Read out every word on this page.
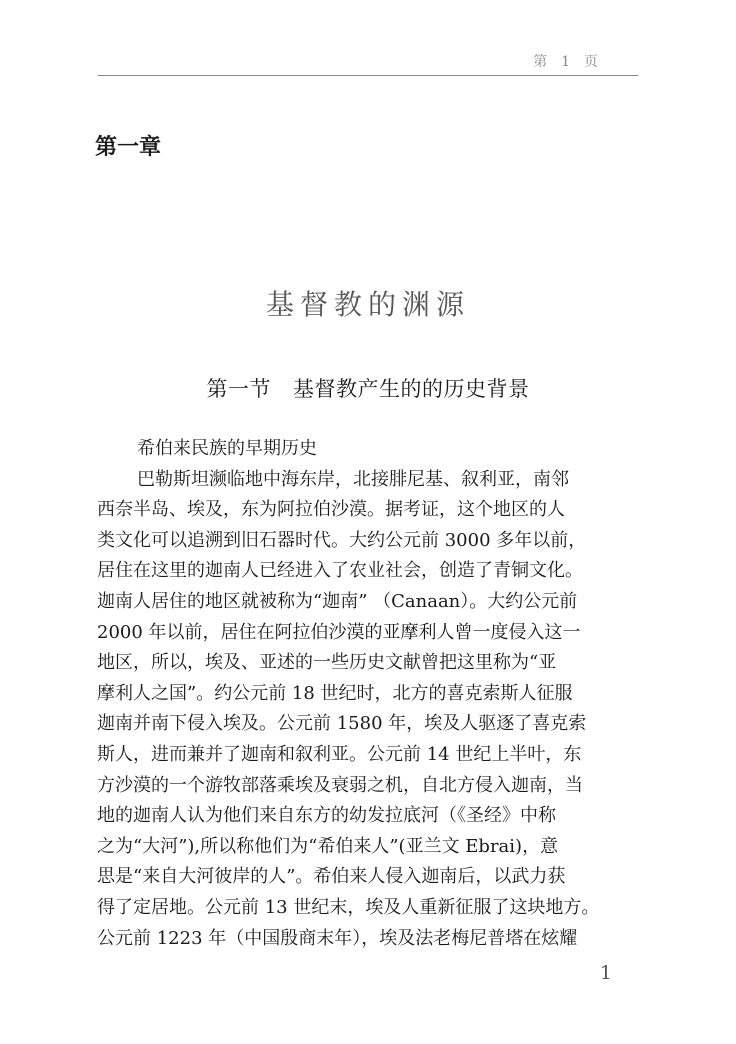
第 1 页
第一章
基督教的渊源
第一节 基督教产生的的历史背景
希伯来民族的早期历史
巴勒斯坦濒临地中海东岸，北接腓尼基、叙利亚，南邻
西奈半岛、埃及，东为阿拉伯沙漠。据考证，这个地区的人
类文化可以追溯到旧石器时代。大约公元前 3000 多年以前，
居住在这里的迦南人已经进入了农业社会，创造了青铜文化。
迦南人居住的地区就被称为“迦南” （Canaan）。大约公元前
2000 年以前，居住在阿拉伯沙漠的亚摩利人曾一度侵入这一
地区，所以，埃及、亚述的一些历史文献曾把这里称为“亚
摩利人之国”。约公元前 18 世纪时，北方的喜克索斯人征服
迦南并南下侵入埃及。公元前 1580 年，埃及人驱逐了喜克索
斯人，进而兼并了迦南和叙利亚。公元前 14 世纪上半叶，东
方沙漠的一个游牧部落乘埃及衰弱之机，自北方侵入迦南，当
地的迦南人认为他们来自东方的幼发拉底河（《圣经》中称
之为“大河”),所以称他们为“希伯来人”(亚兰文 Ebrai)，意
思是“来自大河彼岸的人”。希伯来人侵入迦南后，以武力获
得了定居地。公元前 13 世纪末，埃及人重新征服了这块地方。
公元前 1223 年（中国殷商末年），埃及法老梅尼普塔在炫耀
1
